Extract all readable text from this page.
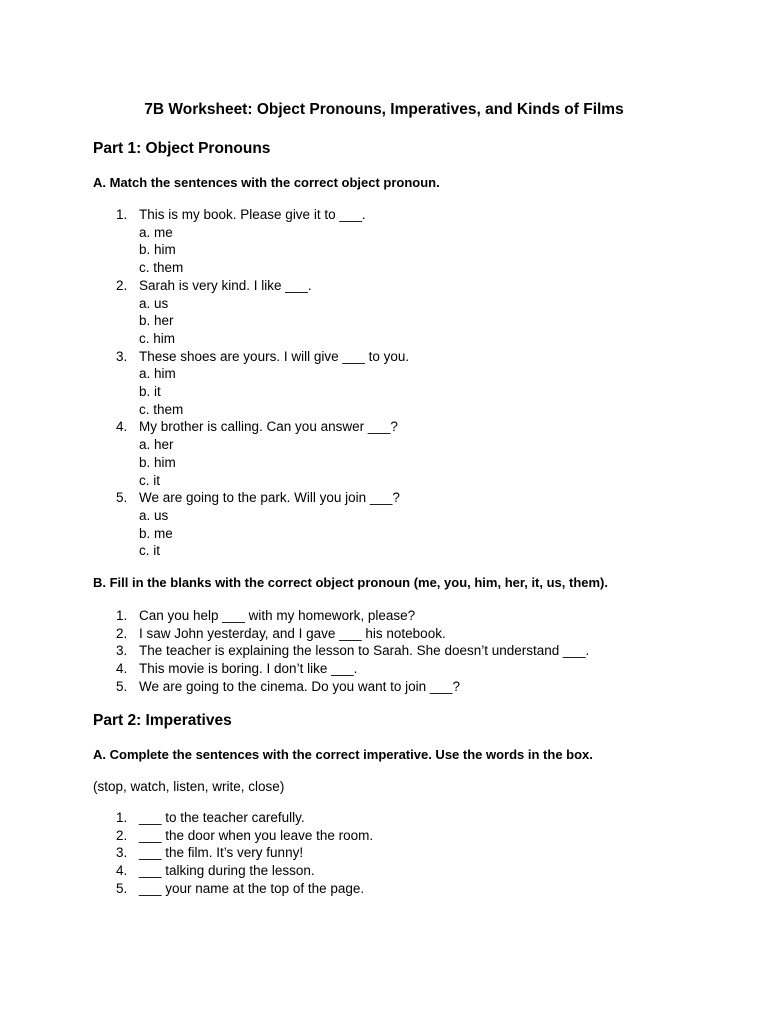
7B Worksheet: Object Pronouns, Imperatives, and Kinds of Films
Part 1: Object Pronouns
A. Match the sentences with the correct object pronoun.
1. This is my book. Please give it to ___.
a. me
b. him
c. them
2. Sarah is very kind. I like ___.
a. us
b. her
c. him
3. These shoes are yours. I will give ___ to you.
a. him
b. it
c. them
4. My brother is calling. Can you answer ___?
a. her
b. him
c. it
5. We are going to the park. Will you join ___?
a. us
b. me
c. it
B. Fill in the blanks with the correct object pronoun (me, you, him, her, it, us, them).
1. Can you help ___ with my homework, please?
2. I saw John yesterday, and I gave ___ his notebook.
3. The teacher is explaining the lesson to Sarah. She doesn’t understand ___.
4. This movie is boring. I don’t like ___.
5. We are going to the cinema. Do you want to join ___?
Part 2: Imperatives
A. Complete the sentences with the correct imperative. Use the words in the box.
(stop, watch, listen, write, close)
1. ___ to the teacher carefully.
2. ___ the door when you leave the room.
3. ___ the film. It’s very funny!
4. ___ talking during the lesson.
5. ___ your name at the top of the page.
